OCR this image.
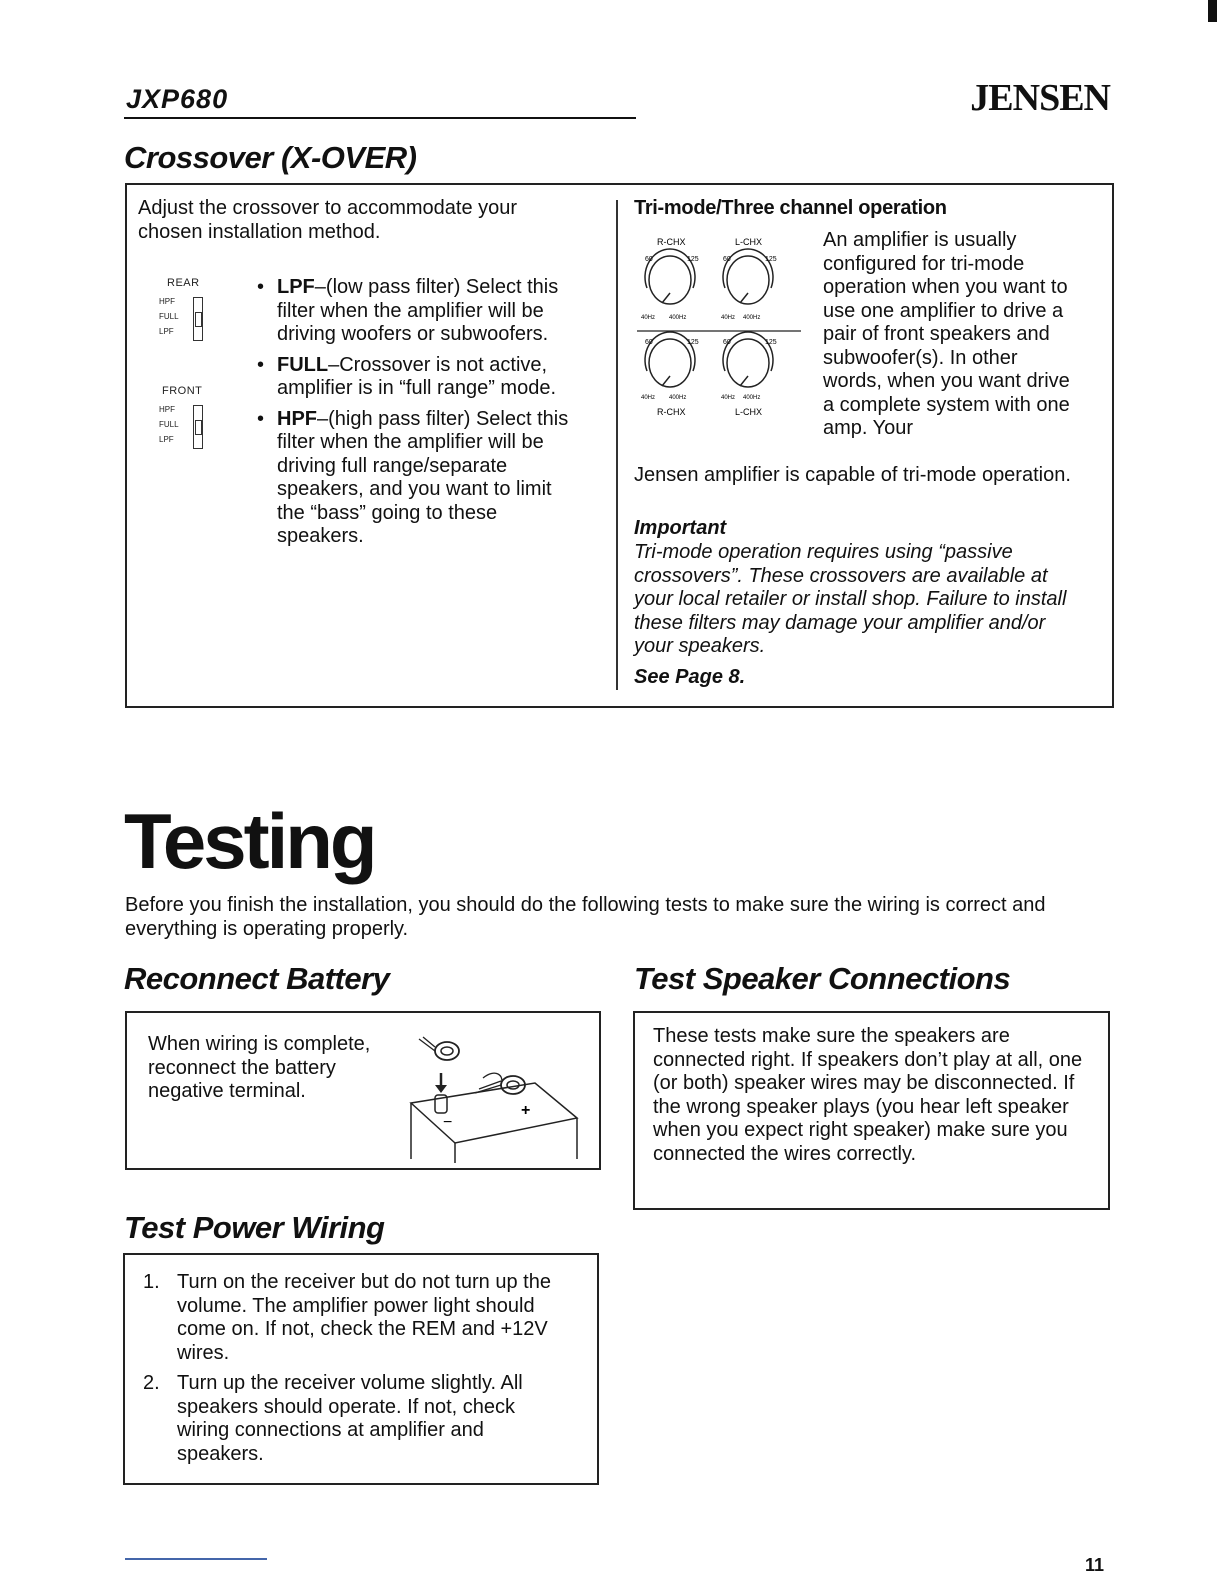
JXP680	JENSEN
Crossover (X-OVER)
Adjust the crossover to accommodate your chosen installation method.
REAR
HPF
FULL
LPF
FRONT
HPF
FULL
LPF
• LPF–(low pass filter) Select this filter when the amplifier will be driving woofers or subwoofers.
• FULL–Crossover is not active, amplifier is in “full range” mode.
• HPF–(high pass filter) Select this filter when the amplifier will be driving full range/separate speakers, and you want to limit the “bass” going to these speakers.
Tri-mode/Three channel operation
R-CHX	L-CHX
60	125	60	125
40Hz 400Hz	40Hz 400Hz
60	125	60	125
40Hz 400Hz	40Hz 400Hz
R-CHX	L-CHX
An amplifier is usually configured for tri-mode operation when you want to use one amplifier to drive a pair of front speakers and subwoofer(s). In other words, when you want drive a complete system with one amp. Your
Jensen amplifier is capable of tri-mode operation.
Important
Tri-mode operation requires using “passive crossovers”. These crossovers are available at your local retailer or install shop. Failure to install these filters may damage your amplifier and/or your speakers.
See Page 8.
Testing
Before you finish the installation, you should do the following tests to make sure the wiring is correct and everything is operating properly.
Reconnect Battery
When wiring is complete, reconnect the battery negative terminal.
−
+
Test Speaker Connections
These tests make sure the speakers are connected right. If speakers don’t play at all, one (or both) speaker wires may be disconnected. If the wrong speaker plays (you hear left speaker when you expect right speaker) make sure you connected the wires correctly.
Test Power Wiring
1. Turn on the receiver but do not turn up the volume. The amplifier power light should come on. If not, check the REM and +12V wires.
2. Turn up the receiver volume slightly. All speakers should operate. If not, check wiring connections at amplifier and speakers.
11
